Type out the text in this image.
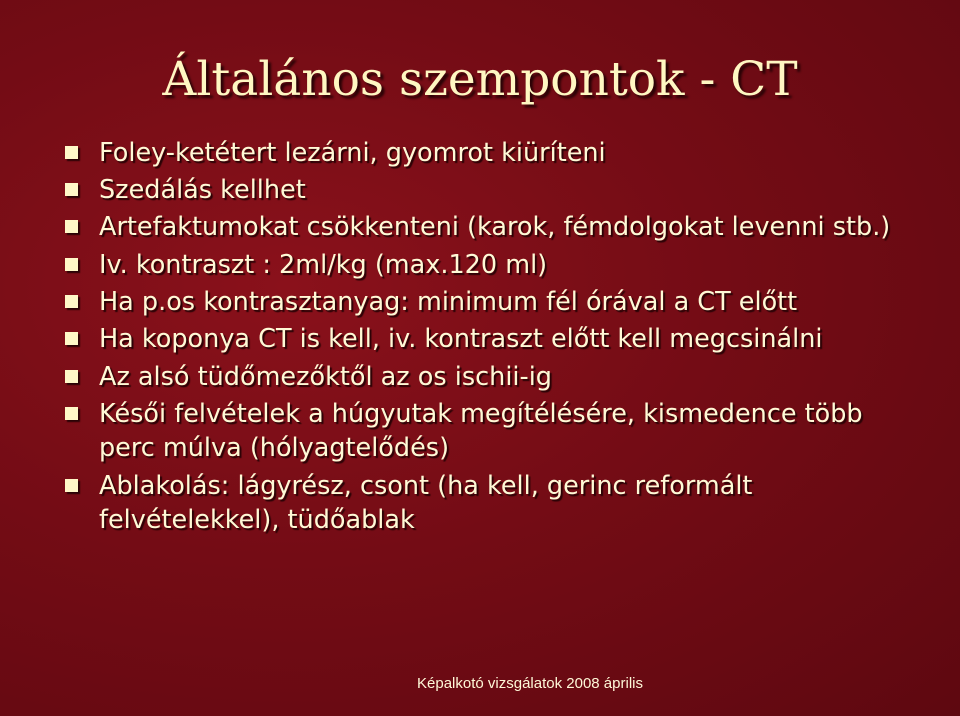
Általános szempontok - CT
Foley-ketétert lezárni, gyomrot kiüríteni
Szedálás kellhet
Artefaktumokat csökkenteni (karok, fémdolgokat levenni stb.)
Iv. kontraszt : 2ml/kg (max.120 ml)
Ha p.os kontrasztanyag: minimum fél órával a CT előtt
Ha koponya CT is kell, iv. kontraszt előtt kell megcsinálni
Az alsó tüdőmezőktől az os ischii-ig
Késői felvételek a húgyutak megítélésére, kismedence több perc múlva (hólyagtelődés)
Ablakolás: lágyrész, csont (ha kell, gerinc reformált felvételekkel), tüdőablak
Képalkotó vizsgálatok 2008 április
